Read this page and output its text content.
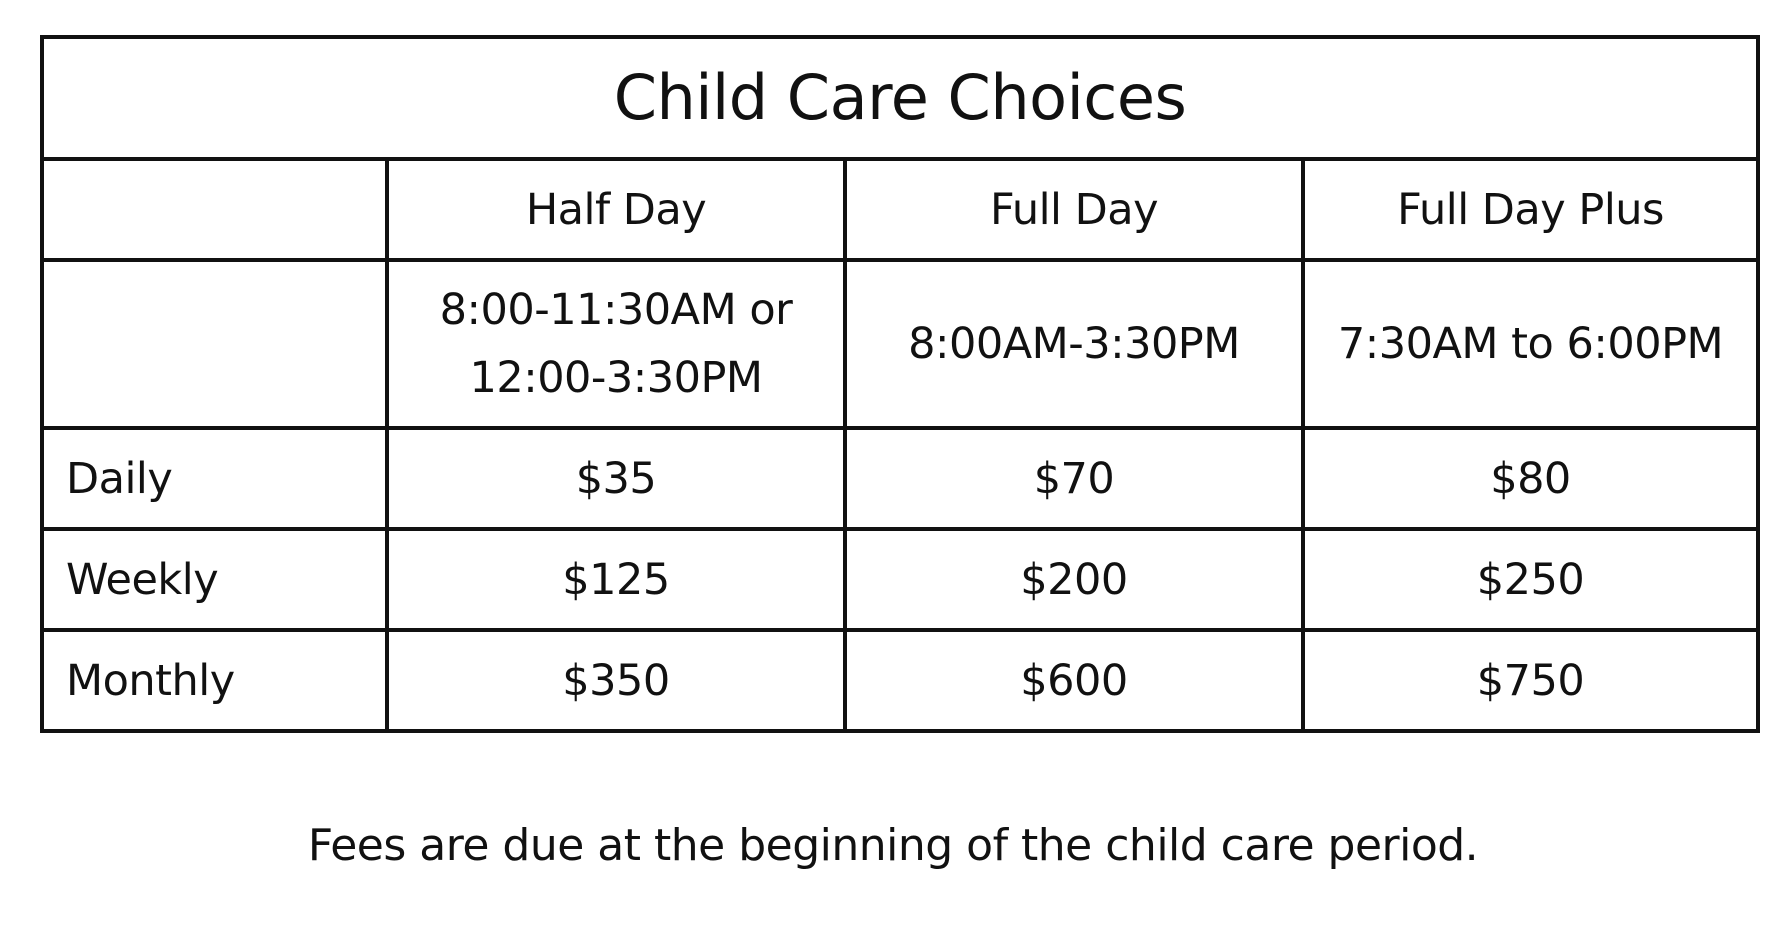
Child Care Choices			
	Half Day	Full Day	Full Day Plus

	8:00-11:30AM or 12:00-3:30PM	8:00AM-3:30PM	7:30AM to 6:00PM
Daily	$35	$70	$80
Weekly	$125	$200	$250
Monthly	$350	$600	$750
Fees are due at the beginning of the child care period.
